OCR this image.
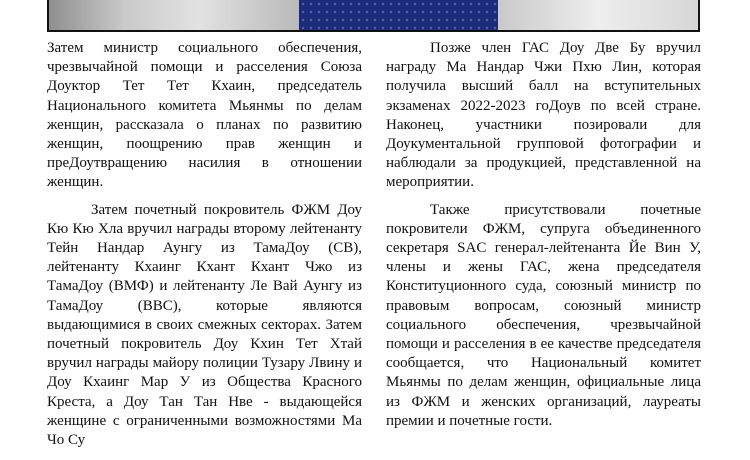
Затем министр социального обеспечения, чрезвычайной помощи и расселения Союза Доуктор Тет Тет Кхаин, председатель Национального комитета Мьянмы по делам женщин, рассказала о планах по развитию женщин, поощрению прав женщин и преДоутвращению насилия в отношении женщин.

Затем почетный покровитель ФЖМ Доу Кю Кю Хла вручил награды второму лейтенанту Тейн Нандар Аунгу из ТамаДоу (СВ), лейтенанту Кхаинг Кхант Кхант Чжо из ТамаДоу (ВМФ) и лейтенанту Ле Вай Аунгу из ТамаДоу (ВВС), которые являются выдающимися в своих смежных секторах. Затем почетный покровитель Доу Кхин Тет Хтай вручил награды майору полиции Тузару Лвину и Доу Кхаинг Мар У из Общества Красного Креста, а Доу Тан Тан Нве - выдающейся женщине с ограниченными возможностями Ма Чо Су

Позже член ГАС Доу Две Бу вручил награду Ма Нандар Чжи Пхю Лин, которая получила высший балл на вступительных экзаменах 2022-2023 гоДоув по всей стране. Наконец, участники позировали для Доукументальной групповой фотографии и наблюдали за продукцией, представленной на мероприятии.

Также присутствовали почетные покровители ФЖМ, супруга объединенного секретаря SAC генерал-лейтенанта Йе Вин У, члены и жены ГАС, жена председателя Конституционного суда, союзный министр по правовым вопросам, союзный министр социального обеспечения, чрезвычайной помощи и расселения в ее качестве председателя сообщается, что Национальный комитет Мьянмы по делам женщин, официальные лица из ФЖМ и женских организаций, лауреаты премии и почетные гости.
